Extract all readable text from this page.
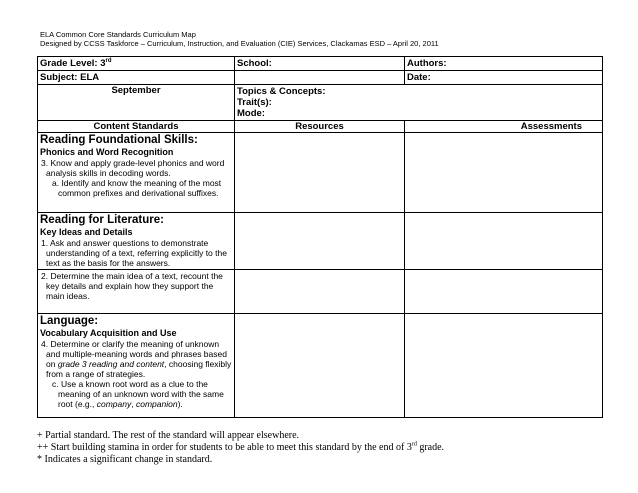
ELA Common Core Standards Curriculum Map
Designed by CCSS Taskforce – Curriculum, Instruction, and Evaluation (CIE) Services, Clackamas ESD – April 20, 2011
Grade Level: 3rd	School:	Authors:
Subject: ELA		Date:
September	Topics & Concepts:
Trait(s):
Mode:	

Content Standards	Resources	Assessments

Reading Foundational Skills:
Phonics and Word Recognition
3. Know and apply grade-level phonics and word analysis skills in decoding words.
a. Identify and know the meaning of the most common prefixes and derivational suffixes.		

Reading for Literature:
Key Ideas and Details
1. Ask and answer questions to demonstrate understanding of a text, referring explicitly to the text as the basis for the answers.		

2. Determine the main idea of a text, recount the key details and explain how they support the main ideas.		

Language:
Vocabulary Acquisition and Use
4. Determine or clarify the meaning of unknown and multiple-meaning words and phrases based on grade 3 reading and content, choosing flexibly from a range of strategies.
c. Use a known root word as a clue to the meaning of an unknown word with the same root (e.g., company, companion).		

+ Partial standard. The rest of the standard will appear elsewhere.
++ Start building stamina in order for students to be able to meet this standard by the end of 3rd grade.
* Indicates a significant change in standard.
